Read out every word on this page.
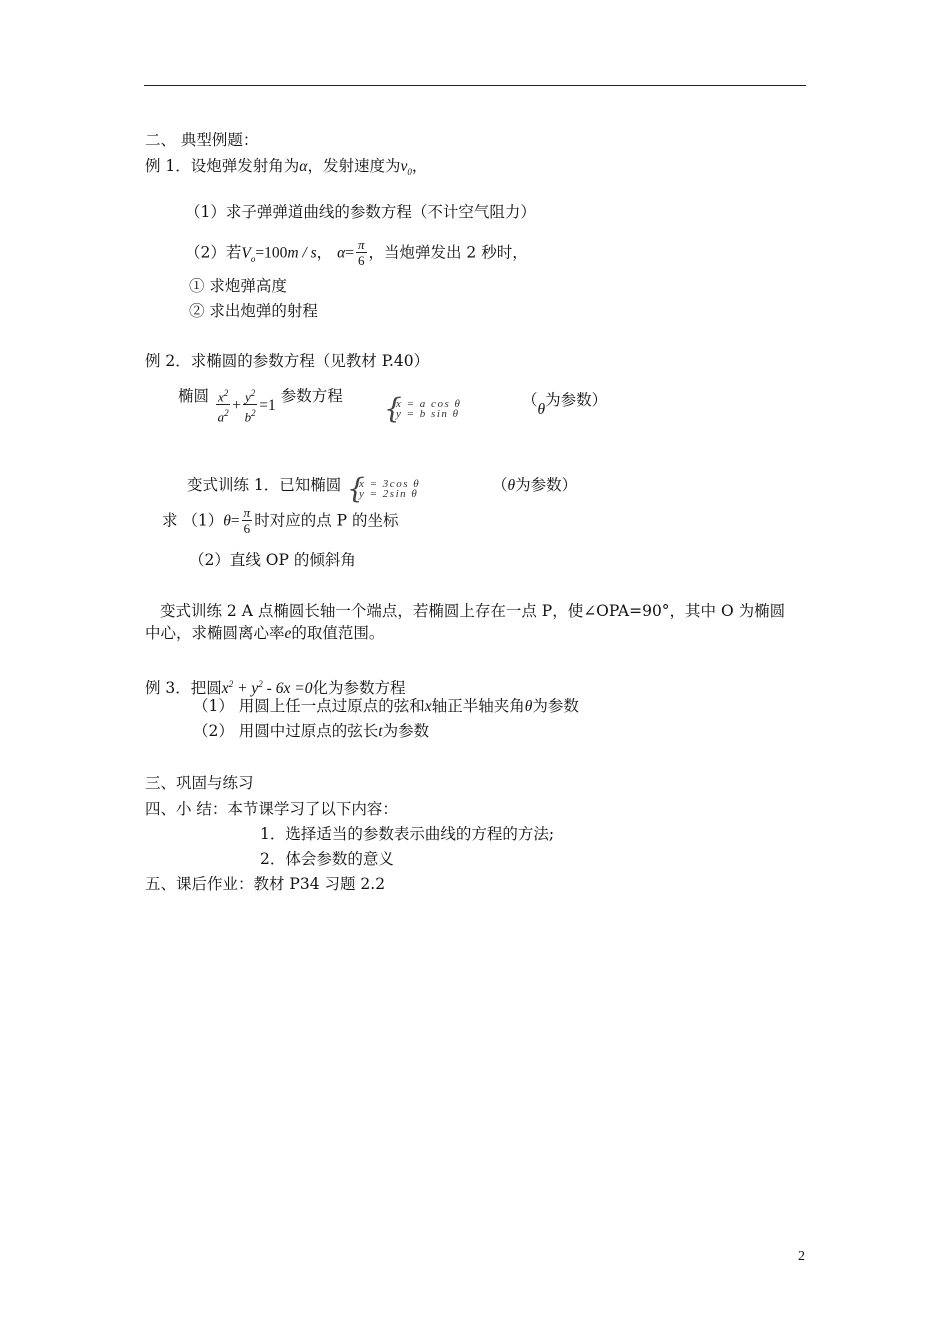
二、 典型例题：
例 1．设炮弹发射角为α，发射速度为$v_0$，
（1）求子弹弹道曲线的参数方程（不计空气阻力）
（2）若$V_o=100m / s$， $\alpha= \frac{\pi}{6}$ ，当炮弹发出 2 秒时，
① 求炮弹高度
② 求出炮弹的射程
例 2．求椭圆的参数方程（见教材 P.40）
椭圆 $\frac{x^2}{a^2} + \frac{y^2}{b^2} =1$ 参数方程 {
x = a cos θ
y = b sin θ
（θ为参数）
变式训练 1．已知椭圆 {
x = 3cos θ
y = 2sin θ	（θ为参数）
求 $(1)\theta= \frac{\pi}{6}$ 时对应的点 P 的坐标
（2）直线 OP 的倾斜角
变式训练 2 A 点椭圆长轴一个端点，若椭圆上存在一点 P，使∠OPA=90°，其中 O 为椭圆
中心，求椭圆离心率e的取值范围。
例 3．把圆$x^2 + y^2 - 6x =0$化为参数方程
（1） 用圆上任一点过原点的弦和x轴正半轴夹角θ为参数
（2） 用圆中过原点的弦长t为参数
三、巩固与练习
四、小 结：本节课学习了以下内容：
1．选择适当的参数表示曲线的方程的方法;
2．体会参数的意义
五、课后作业：教材 P34 习题 2.2
2
